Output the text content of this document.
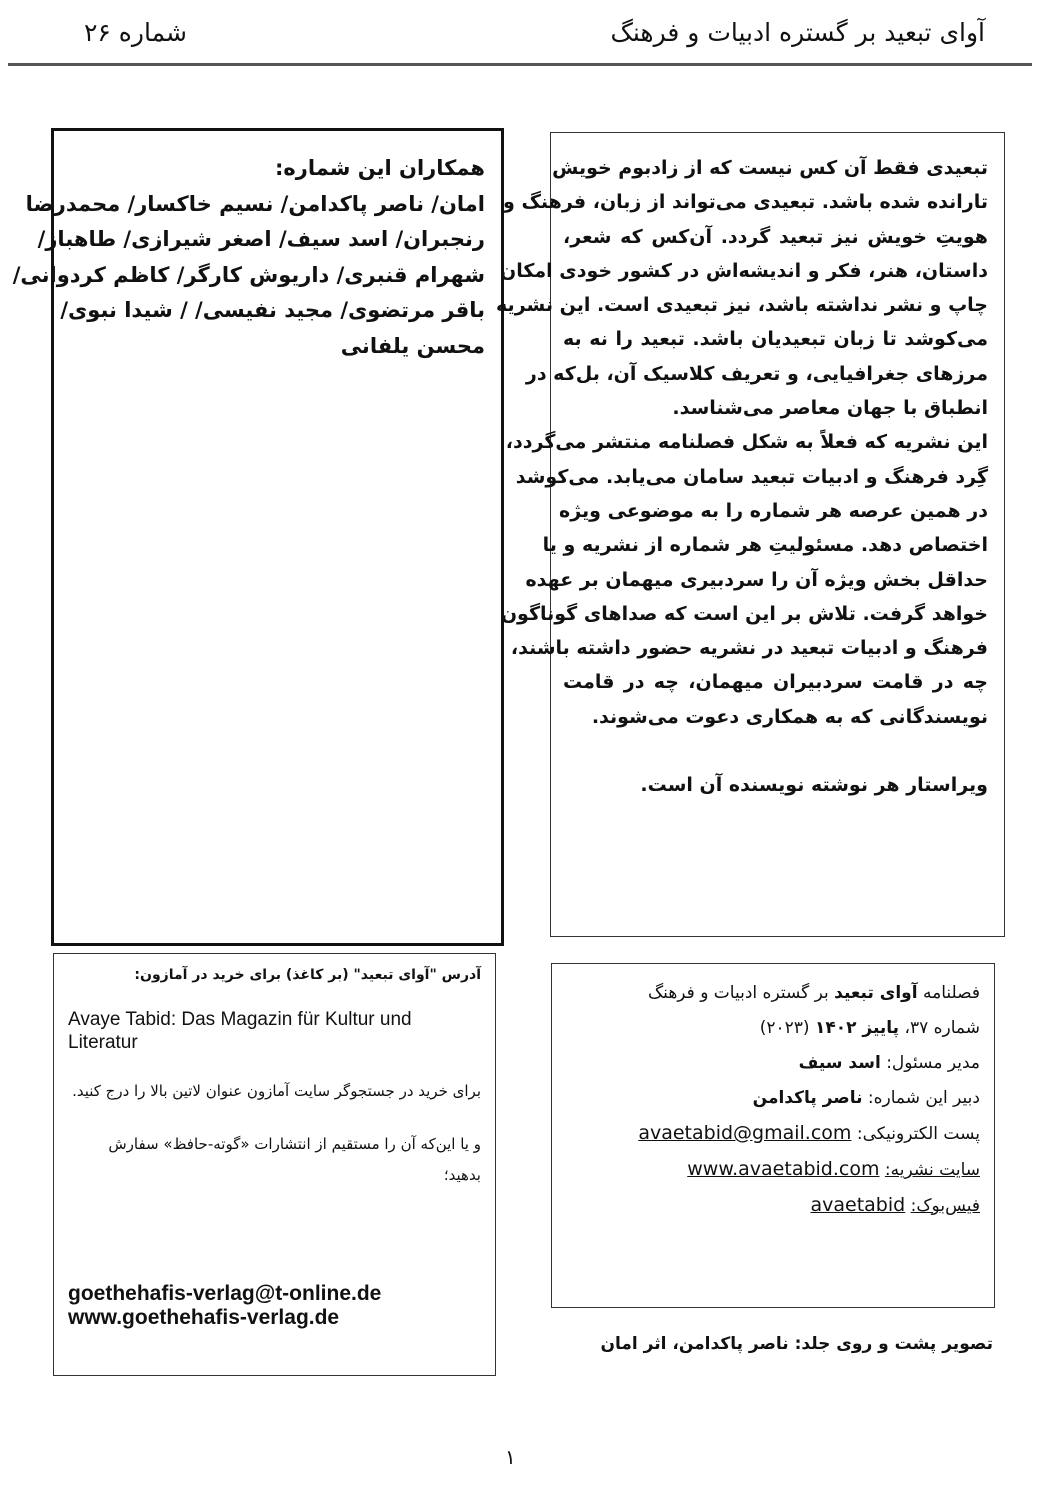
آوای تبعید بر گستره ادبیات و فرهنگ
شماره ۲۶
تبعیدی فقط آن کس نیست که از زادبوم خویش
تارانده شده باشد. تبعیدی می‌تواند از زبان، فرهنگ و
هویتِ خویش نیز تبعید گردد. آن‌کس که شعر،
داستان، هنر، فکر و اندیشه‌اش در کشور خودی امکان
چاپ و نشر نداشته باشد، نیز تبعیدی است. این نشریه
می‌کوشد تا زبان تبعیدیان باشد. تبعید را نه به
مرزهای جغرافیایی، و تعریف کلاسیک آن، بل‌که در
انطباق با جهان معاصر می‌شناسد.
این نشریه که فعلاً به شکل فصلنامه منتشر می‌گردد،
گِرد فرهنگ و ادبیات تبعید سامان می‌یابد. می‌کوشد
در همین عرصه هر شماره را به موضوعی ویژه
اختصاص دهد. مسئولیتِ هر شماره از نشریه و یا
حداقل بخش ویژه آن را سردبیری میهمان بر عهده
خواهد گرفت. تلاش بر این است که صداهای گوناگون
فرهنگ و ادبیات تبعید در نشریه حضور داشته باشند،
چه در قامت سردبیران میهمان، چه در قامت
نویسندگانی که به همکاری دعوت می‌شوند.
ویراستار هر نوشته نویسنده آن است.
همکاران این شماره:
امان/ ناصر پاکدامن/ نسیم خاکسار/ محمدرضا
رنجبران/ اسد سیف/ اصغر شیرازی/ طاهباز/
شهرام قنبری/ داریوش کارگر/ کاظم کردوانی/
باقر مرتضوی/ مجید نفیسی/ / شیدا نبوی/
محسن یلفانی
آدرس "آوای تبعید" (بر کاغذ) برای خرید در آمازون:
Avaye Tabid: Das Magazin für Kultur und Literatur
برای خرید در جستجوگر سایت آمازون عنوان لاتین بالا را درج کنید.
و یا این‌که آن را مستقیم از انتشارات «گوته-حافظ» سفارش بدهید؛
goethehafis-verlag@t-online.de
www.goethehafis-verlag.de
فصلنامه آوای تبعید بر گستره ادبیات و فرهنگ
شماره ۳۷، پاییز ۱۴۰۲ (۲۰۲۳)
مدیر مسئول: اسد سیف
دبیر این شماره: ناصر پاکدامن
پست الکترونیکی: avaetabid@gmail.com
سایت نشریه: www.avaetabid.com
فیس‌بوک: avaetabid
تصویر پشت و روی جلد: ناصر پاکدامن، اثر امان
۱
